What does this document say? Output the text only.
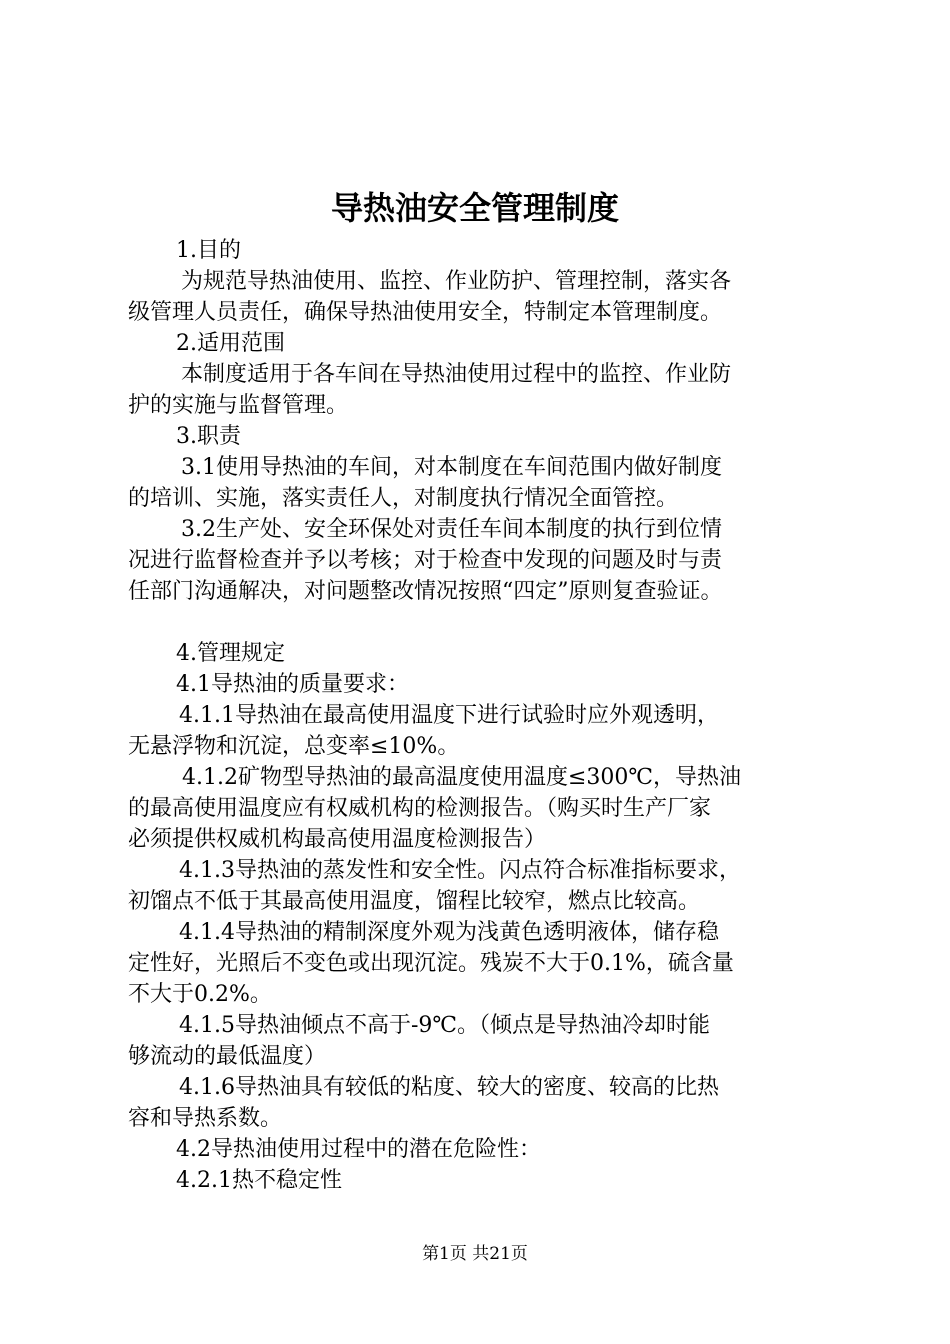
导热油安全管理制度
1.目的
为规范导热油使用、监控、作业防护、管理控制，落实各
级管理人员责任，确保导热油使用安全，特制定本管理制度。
2.适用范围
本制度适用于各车间在导热油使用过程中的监控、作业防
护的实施与监督管理。
3.职责
3.1使用导热油的车间，对本制度在车间范围内做好制度
的培训、实施，落实责任人，对制度执行情况全面管控。
3.2生产处、安全环保处对责任车间本制度的执行到位情
况进行监督检查并予以考核；对于检查中发现的问题及时与责
任部门沟通解决，对问题整改情况按照“四定”原则复查验证。
4.管理规定
4.1导热油的质量要求：
4.1.1导热油在最高使用温度下进行试验时应外观透明，
无悬浮物和沉淀，总变率≤10%。
4.1.2矿物型导热油的最高温度使用温度≤300℃，导热油
的最高使用温度应有权威机构的检测报告。（购买时生产厂家
必须提供权威机构最高使用温度检测报告）
4.1.3导热油的蒸发性和安全性。闪点符合标准指标要求，
初馏点不低于其最高使用温度，馏程比较窄，燃点比较高。
4.1.4导热油的精制深度外观为浅黄色透明液体，储存稳
定性好，光照后不变色或出现沉淀。残炭不大于0.1%，硫含量
不大于0.2%。
4.1.5导热油倾点不高于-9℃。（倾点是导热油冷却时能
够流动的最低温度）
4.1.6导热油具有较低的粘度、较大的密度、较高的比热
容和导热系数。
4.2导热油使用过程中的潜在危险性：
4.2.1热不稳定性
第1页 共21页
